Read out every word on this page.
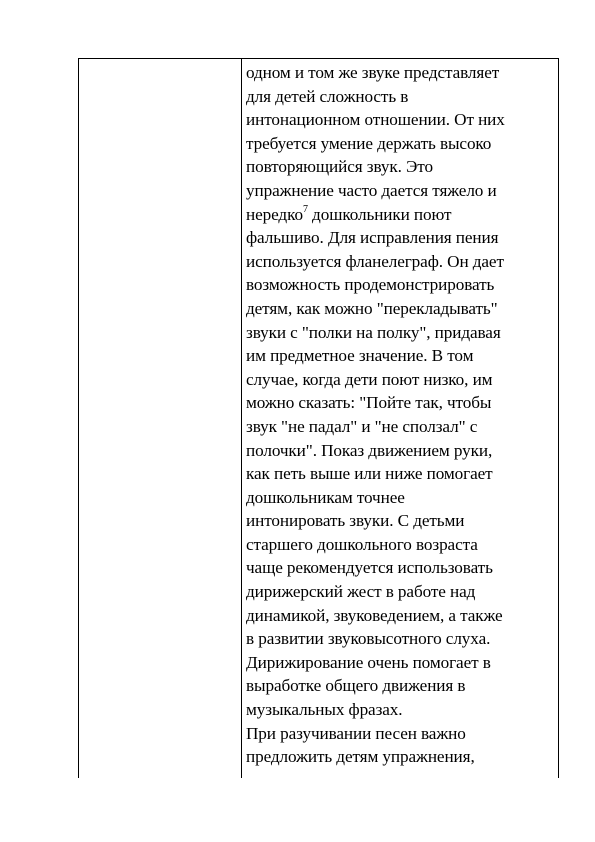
одном и том же звуке представляет
для детей сложность в
интонационном отношении. От них
требуется умение держать высоко
повторяющийся звук. Это
упражнение часто дается тяжело и
нередко$^7$ дошкольники поют
фальшиво. Для исправления пения
используется фланелеграф. Он дает
возможность продемонстрировать
детям, как можно "перекладывать"
звуки с "полки на полку", придавая
им предметное значение. В том
случае, когда дети поют низко, им
можно сказать: "Пойте так, чтобы
звук "не падал" и "не сползал" с
полочки". Показ движением руки,
как петь выше или ниже помогает
дошкольникам точнее
интонировать звуки. С детьми
старшего дошкольного возраста
чаще рекомендуется использовать
дирижерский жест в работе над
динамикой, звуковедением, а также
в развитии звуковысотного слуха.
Дирижирование очень помогает в
выработке общего движения в
музыкальных фразах.
При разучивании песен важно
предложить детям упражнения,
